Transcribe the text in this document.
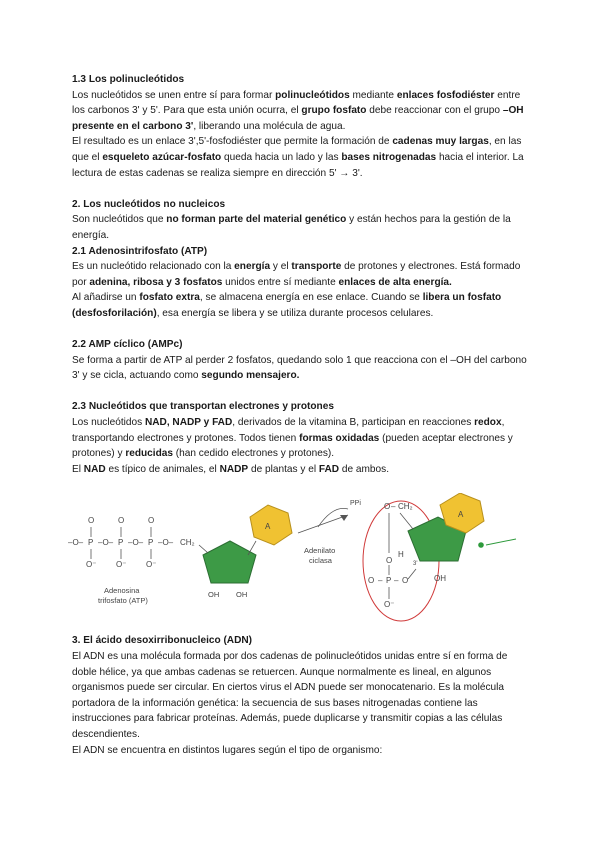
1.3 Los polinucleótidos

Los nucleótidos se unen entre sí para formar polinucleótidos mediante enlaces fosfodiéster entre los carbonos 3' y 5'. Para que esta unión ocurra, el grupo fosfato debe reaccionar con el grupo –OH presente en el carbono 3', liberando una molécula de agua.

El resultado es un enlace 3',5'-fosfodiéster que permite la formación de cadenas muy largas, en las que el esqueleto azúcar-fosfato queda hacia un lado y las bases nitrogenadas hacia el interior. La lectura de estas cadenas se realiza siempre en dirección 5' → 3'.

2. Los nucleótidos no nucleicos

Son nucleótidos que no forman parte del material genético y están hechos para la gestión de la energía.

2.1 Adenosintrifosfato (ATP)

Es un nucleótido relacionado con la energía y el transporte de protones y electrones. Está formado por adenina, ribosa y 3 fosfatos unidos entre sí mediante enlaces de alta energía.

Al añadirse un fosfato extra, se almacena energía en ese enlace. Cuando se libera un fosfato (desfosforilación), esa energía se libera y se utiliza durante procesos celulares.

2.2 AMP cíclico (AMPc)

Se forma a partir de ATP al perder 2 fosfatos, quedando solo 1 que reacciona con el –OH del carbono 3' y se cicla, actuando como segundo mensajero.

2.3 Nucleótidos que transportan electrones y protones

Los nucleótidos NAD, NADP y FAD, derivados de la vitamina B, participan en reacciones redox, transportando electrones y protones. Todos tienen formas oxidadas (pueden aceptar electrones y protones) y reducidas (han cedido electrones y protones).

El NAD es típico de animales, el NADP de plantas y el FAD de ambos.

–O– P –O– P –O– P –O– CH₂
O	O	O
O⁻ O⁻ O⁻
A
OH OH
Adenosina
trifosfato (ATP)
PPi
Adenilato
ciclasa
O – CH₂
H
3'
O – P – O
O⁻
O
OH
A

3. El ácido desoxirribonucleico (ADN)

El ADN es una molécula formada por dos cadenas de polinucleótidos unidas entre sí en forma de doble hélice, ya que ambas cadenas se retuercen. Aunque normalmente es lineal, en algunos organismos puede ser circular. En ciertos virus el ADN puede ser monocatenario. Es la molécula portadora de la información genética: la secuencia de sus bases nitrogenadas contiene las instrucciones para fabricar proteínas. Además, puede duplicarse y transmitir copias a las células descendientes.

El ADN se encuentra en distintos lugares según el tipo de organismo:
